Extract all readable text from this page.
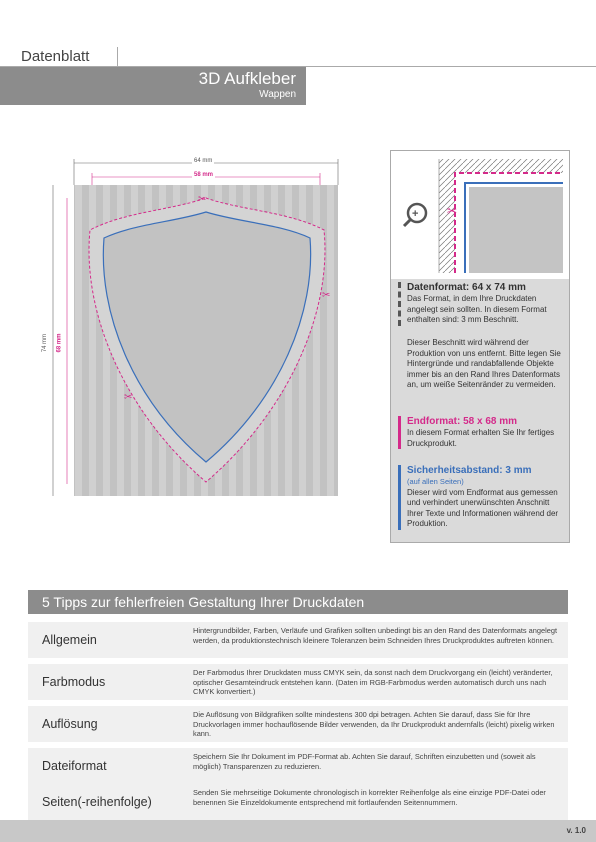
Datenblatt
3D Aufkleber
Wappen
✂
✂
✂
64 mm
58 mm
74 mm 68 mm
+ ✂
Datenformat: 64 x 74 mm
Das Format, in dem Ihre Druckdaten angelegt sein sollten. In diesem Format enthalten sind: 3 mm Beschnitt.
Dieser Beschnitt wird während der Produktion von uns entfernt. Bitte legen Sie Hintergründe und randabfallende Objekte immer bis an den Rand Ihres Datenformats an, um weiße Seitenränder zu vermeiden.
Endformat: 58 x 68 mm
In diesem Format erhalten Sie Ihr fertiges Druckprodukt.
Sicherheitsabstand: 3 mm
(auf allen Seiten)
Dieser wird vom Endformat aus gemessen und verhindert unerwünschten Anschnitt Ihrer Texte und Informationen während der Produktion.
5 Tipps zur fehlerfreien Gestaltung Ihrer Druckdaten
Allgemein
Hintergrundbilder, Farben, Verläufe und Grafiken sollten unbedingt bis an den Rand des Datenformats angelegt werden, da produktionstechnisch kleinere Toleranzen beim Schneiden Ihres Druckproduktes auftreten können.
Farbmodus
Der Farbmodus Ihrer Druckdaten muss CMYK sein, da sonst nach dem Druckvorgang ein (leicht) veränderter, optischer Gesamteindruck entstehen kann. (Daten im RGB-Farbmodus werden automatisch durch uns nach CMYK konvertiert.)
Auflösung
Die Auflösung von Bildgrafiken sollte mindestens 300 dpi betragen. Achten Sie darauf, dass Sie für Ihre Druckvorlagen immer hochauflösende Bilder verwenden, da Ihr Druckprodukt andernfalls (leicht) pixelig wirken kann.
Dateiformat
Speichern Sie Ihr Dokument im PDF-Format ab. Achten Sie darauf, Schriften einzubetten und (soweit als möglich) Transparenzen zu reduzieren.
Seiten(-reihenfolge)
Senden Sie mehrseitige Dokumente chronologisch in korrekter Reihenfolge als eine einzige PDF-Datei oder benennen Sie Einzeldokumente entsprechend mit fortlaufenden Seitennummern.
v. 1.0
